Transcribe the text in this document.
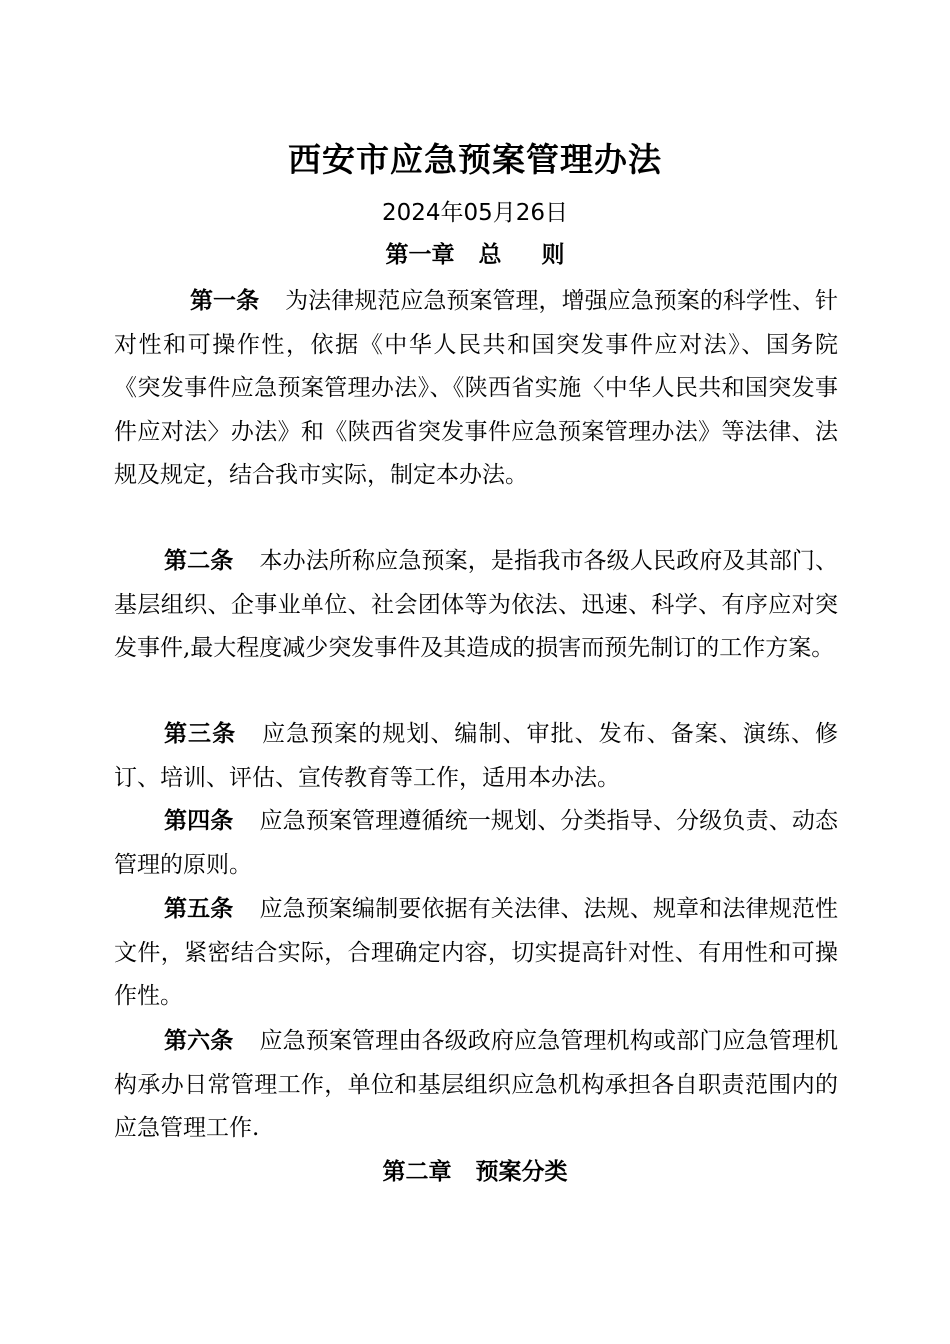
西安市应急预案管理办法
2024年05月26日
第一章   总     则

第一条 为法律规范应急预案管理，增强应急预案的科学性、针对性和可操作性，依据《中华人民共和国突发事件应对法》、国务院《突发事件应急预案管理办法》、《陕西省实施〈中华人民共和国突发事件应对法〉办法》和《陕西省突发事件应急预案管理办法》等法律、法规及规定，结合我市实际，制定本办法。

第二条 本办法所称应急预案，是指我市各级人民政府及其部门、基层组织、企事业单位、社会团体等为依法、迅速、科学、有序应对突发事件,最大程度减少突发事件及其造成的损害而预先制订的工作方案。

第三条 应急预案的规划、编制、审批、发布、备案、演练、修订、培训、评估、宣传教育等工作，适用本办法。

第四条 应急预案管理遵循统一规划、分类指导、分级负责、动态管理的原则。

第五条 应急预案编制要依据有关法律、法规、规章和法律规范性文件，紧密结合实际，合理确定内容，切实提高针对性、有用性和可操作性。

第六条 应急预案管理由各级政府应急管理机构或部门应急管理机构承办日常管理工作，单位和基层组织应急机构承担各自职责范围内的应急管理工作.

第二章   预案分类
